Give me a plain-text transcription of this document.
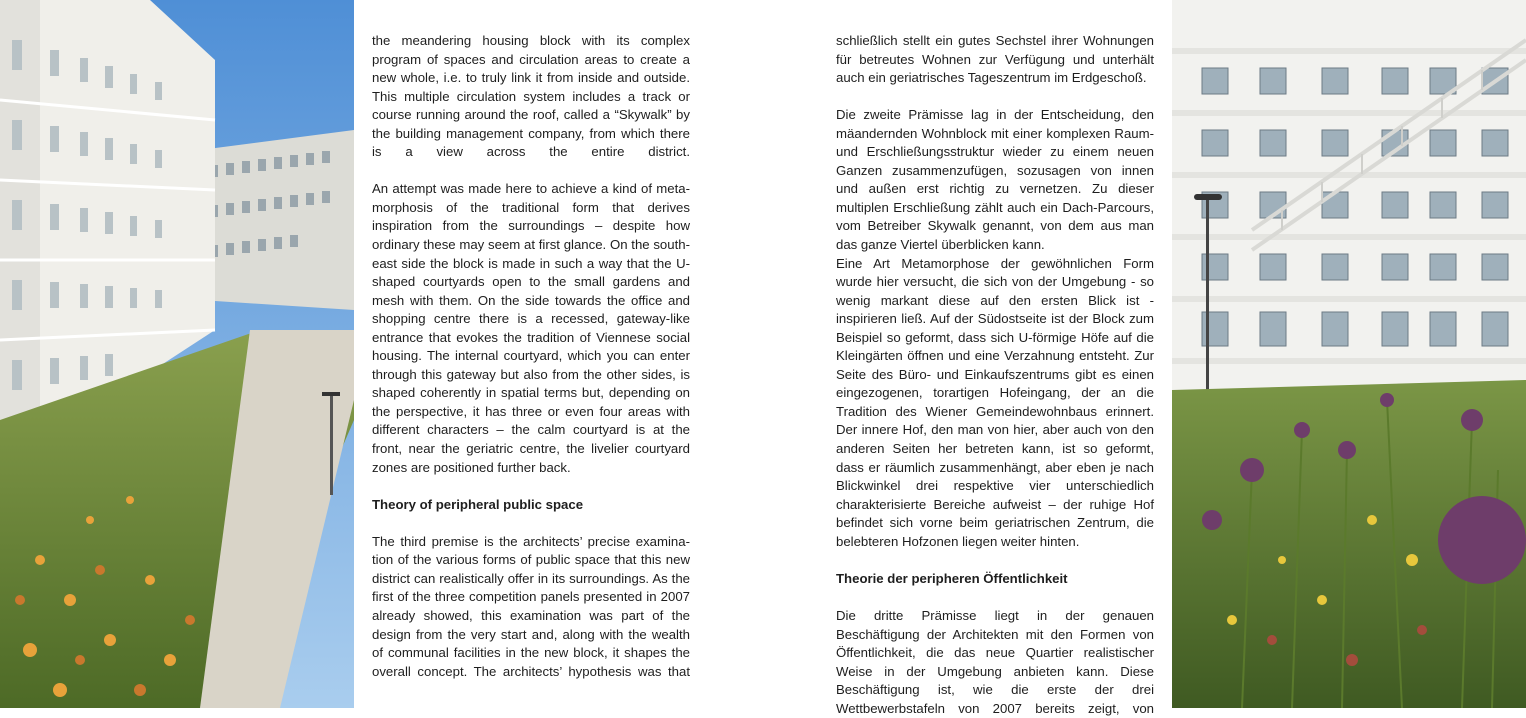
the meandering housing block with its complex program of spaces and circulation areas to create a new whole, i.e. to truly link it from inside and outside. This multiple circulation system includes a track or course running around the roof, called a “Skywalk” by the building management company, from which there is a view across the entire district.

An attempt was made here to achieve a kind of metamorphosis of the traditional form that derives inspiration from the surroundings – despite how ordinary these may seem at first glance. On the south-east side the block is made in such a way that the U-shaped courtyards open to the small gardens and mesh with them. On the side towards the office and shopping centre there is a recessed, gateway-like entrance that evokes the tradition of Viennese social housing. The internal courtyard, which you can enter through this gateway but also from the other sides, is shaped coherently in spatial terms but, depending on the perspective, it has three or even four areas with different characters – the calm courtyard is at the front, near the geriatric centre, the livelier courtyard zones are positioned further back.

Theory of peripheral public space

The third premise is the architects’ precise examination of the various forms of public space that this new district can realistically offer in its surroundings. As the first of the three competition panels presented in 2007 already showed, this examination was part of the design from the very start and, along with the wealth of communal facilities in the new block, it shapes the overall concept. The architects’ hypothesis was that

schließlich stellt ein gutes Sechstel ihrer Wohnungen für betreutes Wohnen zur Verfügung und unterhält auch ein geriatrisches Tageszentrum im Erdgeschoß.

Die zweite Prämisse lag in der Entscheidung, den mäandernden Wohnblock mit einer komplexen Raum- und Erschließungsstruktur wieder zu einem neuen Ganzen zusammenzufügen, sozusagen von innen und außen erst richtig zu vernetzen. Zu dieser multiplen Erschließung zählt auch ein Dach-Parcours, vom Betreiber Skywalk genannt, von dem aus man das ganze Viertel überblicken kann.

Eine Art Metamorphose der gewöhnlichen Form wurde hier versucht, die sich von der Umgebung - so wenig markant diese auf den ersten Blick ist - inspirieren ließ. Auf der Südostseite ist der Block zum Beispiel so geformt, dass sich U-förmige Höfe auf die Kleingärten öffnen und eine Verzahnung entsteht. Zur Seite des Büro- und Einkaufszentrums gibt es einen eingezogenen, torartigen Hofeingang, der an die Tradition des Wiener Gemeindewohnbaus erinnert. Der innere Hof, den man von hier, aber auch von den anderen Seiten her betreten kann, ist so geformt, dass er räumlich zusammenhängt, aber eben je nach Blickwinkel drei respektive vier unterschiedlich charakterisierte Bereiche aufweist – der ruhige Hof befindet sich vorne beim geriatrischen Zentrum, die belebteren Hofzonen liegen weiter hinten.

Theorie der peripheren Öffentlichkeit

Die dritte Prämisse liegt in der genauen Beschäftigung der Architekten mit den Formen von Öffentlichkeit, die das neue Quartier realistischer Weise in der Umgebung anbieten kann. Diese Beschäftigung ist, wie die erste der drei Wettbewerbstafeln von 2007 bereits zeigt, von
